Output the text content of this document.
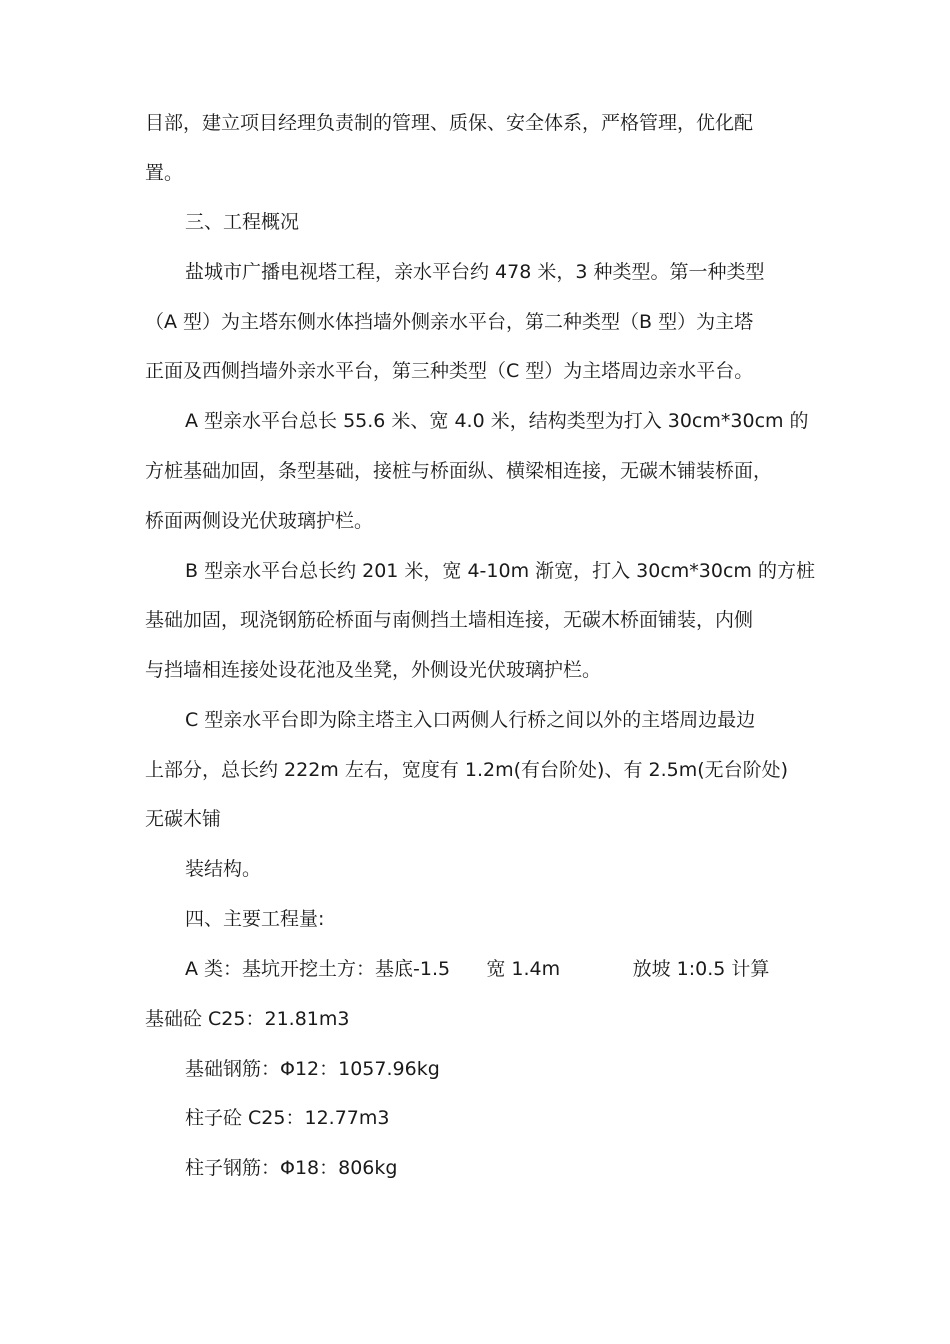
目部，建立项目经理负责制的管理、质保、安全体系，严格管理，优化配
置。
三、工程概况
盐城市广播电视塔工程，亲水平台约 478 米，3 种类型。第一种类型
（A 型）为主塔东侧水体挡墙外侧亲水平台，第二种类型（B 型）为主塔
正面及西侧挡墙外亲水平台，第三种类型（C 型）为主塔周边亲水平台。
A 型亲水平台总长 55.6 米、宽 4.0 米，结构类型为打入 30cm*30cm 的
方桩基础加固，条型基础，接桩与桥面纵、横梁相连接，无碳木铺装桥面，
桥面两侧设光伏玻璃护栏。
B 型亲水平台总长约 201 米，宽 4-10m 渐宽，打入 30cm*30cm 的方桩
基础加固，现浇钢筋砼桥面与南侧挡土墙相连接，无碳木桥面铺装，内侧
与挡墙相连接处设花池及坐凳，外侧设光伏玻璃护栏。
C 型亲水平台即为除主塔主入口两侧人行桥之间以外的主塔周边最边
上部分，总长约 222m 左右，宽度有 1.2m(有台阶处)、有 2.5m(无台阶处)
无碳木铺
装结构。
四、主要工程量:
A 类：基坑开挖土方：基底-1.5      宽 1.4m            放坡 1:0.5 计算
基础砼 C25：21.81m3
基础钢筋：Φ12：1057.96kg
柱子砼 C25：12.77m3
柱子钢筋：Φ18：806kg
